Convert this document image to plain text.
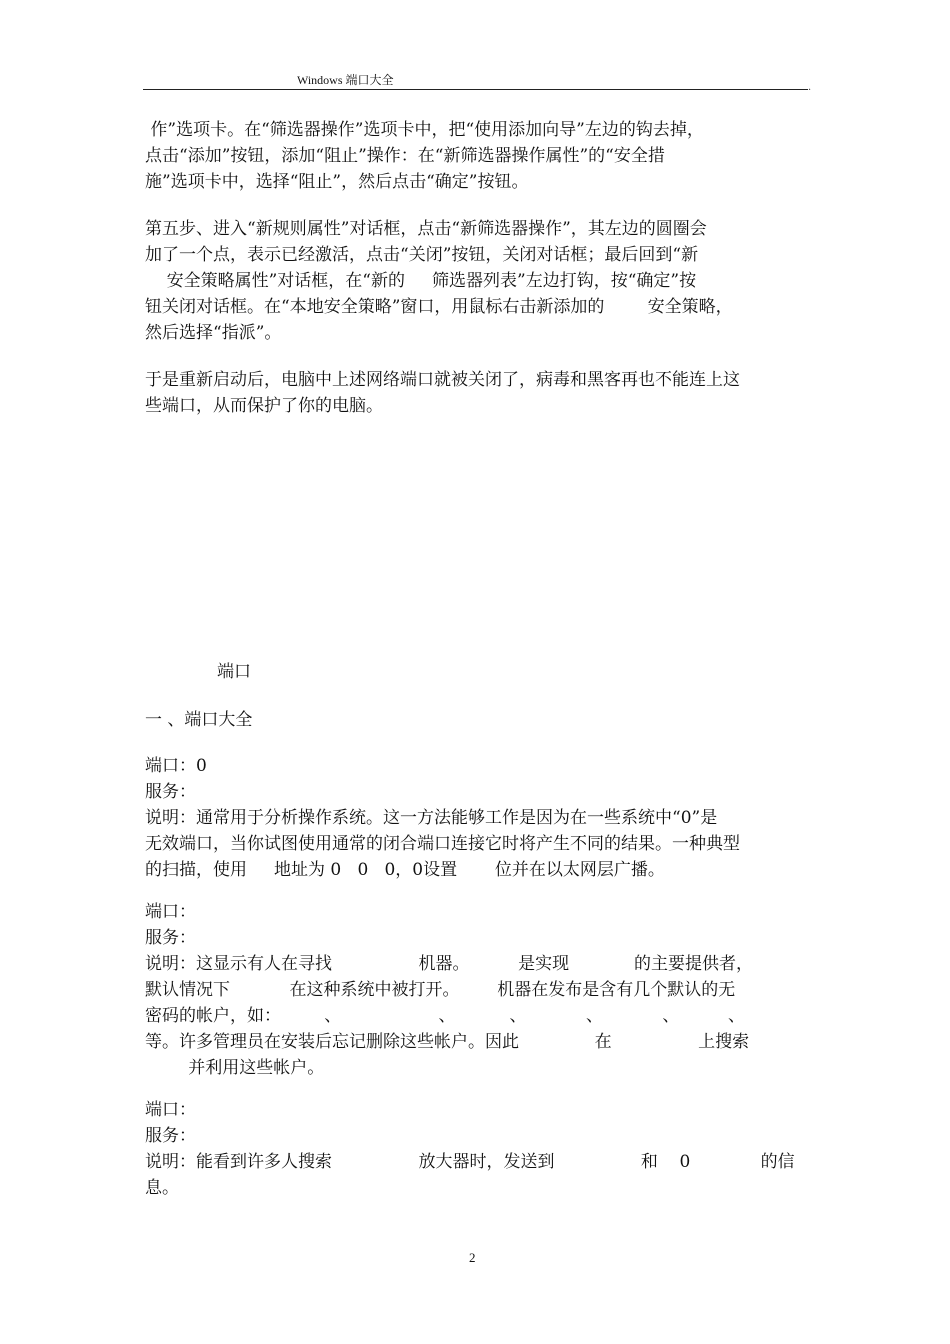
Windows 端口大全
.
作”选项卡。在“筛选器操作”选项卡中，把“使用添加向导”左边的钩去掉，
点击“添加”按钮，添加“阻止”操作：在“新筛选器操作属性”的“安全措
施”选项卡中，选择“阻止”，然后点击“确定”按钮。
第五步、进入“新规则属性”对话框，点击“新筛选器操作”，其左边的圆圈会
加了一个点，表示已经激活，点击“关闭”按钮，关闭对话框；最后回到“新
安全策略属性”对话框，在“新的     筛选器列表”左边打钩，按“确定”按
钮关闭对话框。在“本地安全策略”窗口，用鼠标右击新添加的        安全策略，
然后选择“指派”。
于是重新启动后，电脑中上述网络端口就被关闭了，病毒和黑客再也不能连上这
些端口，从而保护了你的电脑。
端口
一 、端口大全
端口：0
服务：
说明：通常用于分析操作系统。这一方法能够工作是因为在一些系统中“0”是
无效端口，当你试图使用通常的闭合端口连接它时将产生不同的结果。一种典型
的扫描，使用     地址为 0   0   0，0设置       位并在以太网层广播。
端口：
服务：
说明：这显示有人在寻找                机器。         是实现            的主要提供者，
默认情况下           在这种系统中被打开。       机器在发布是含有几个默认的无
密码的帐户，如：        、                  、          、           、           、         、
等。许多管理员在安装后忘记删除这些帐户。因此              在                上搜索
并利用这些帐户。
端口：
服务：
说明：能看到许多人搜索                放大器时，发送到                和    0             的信
息。
2
